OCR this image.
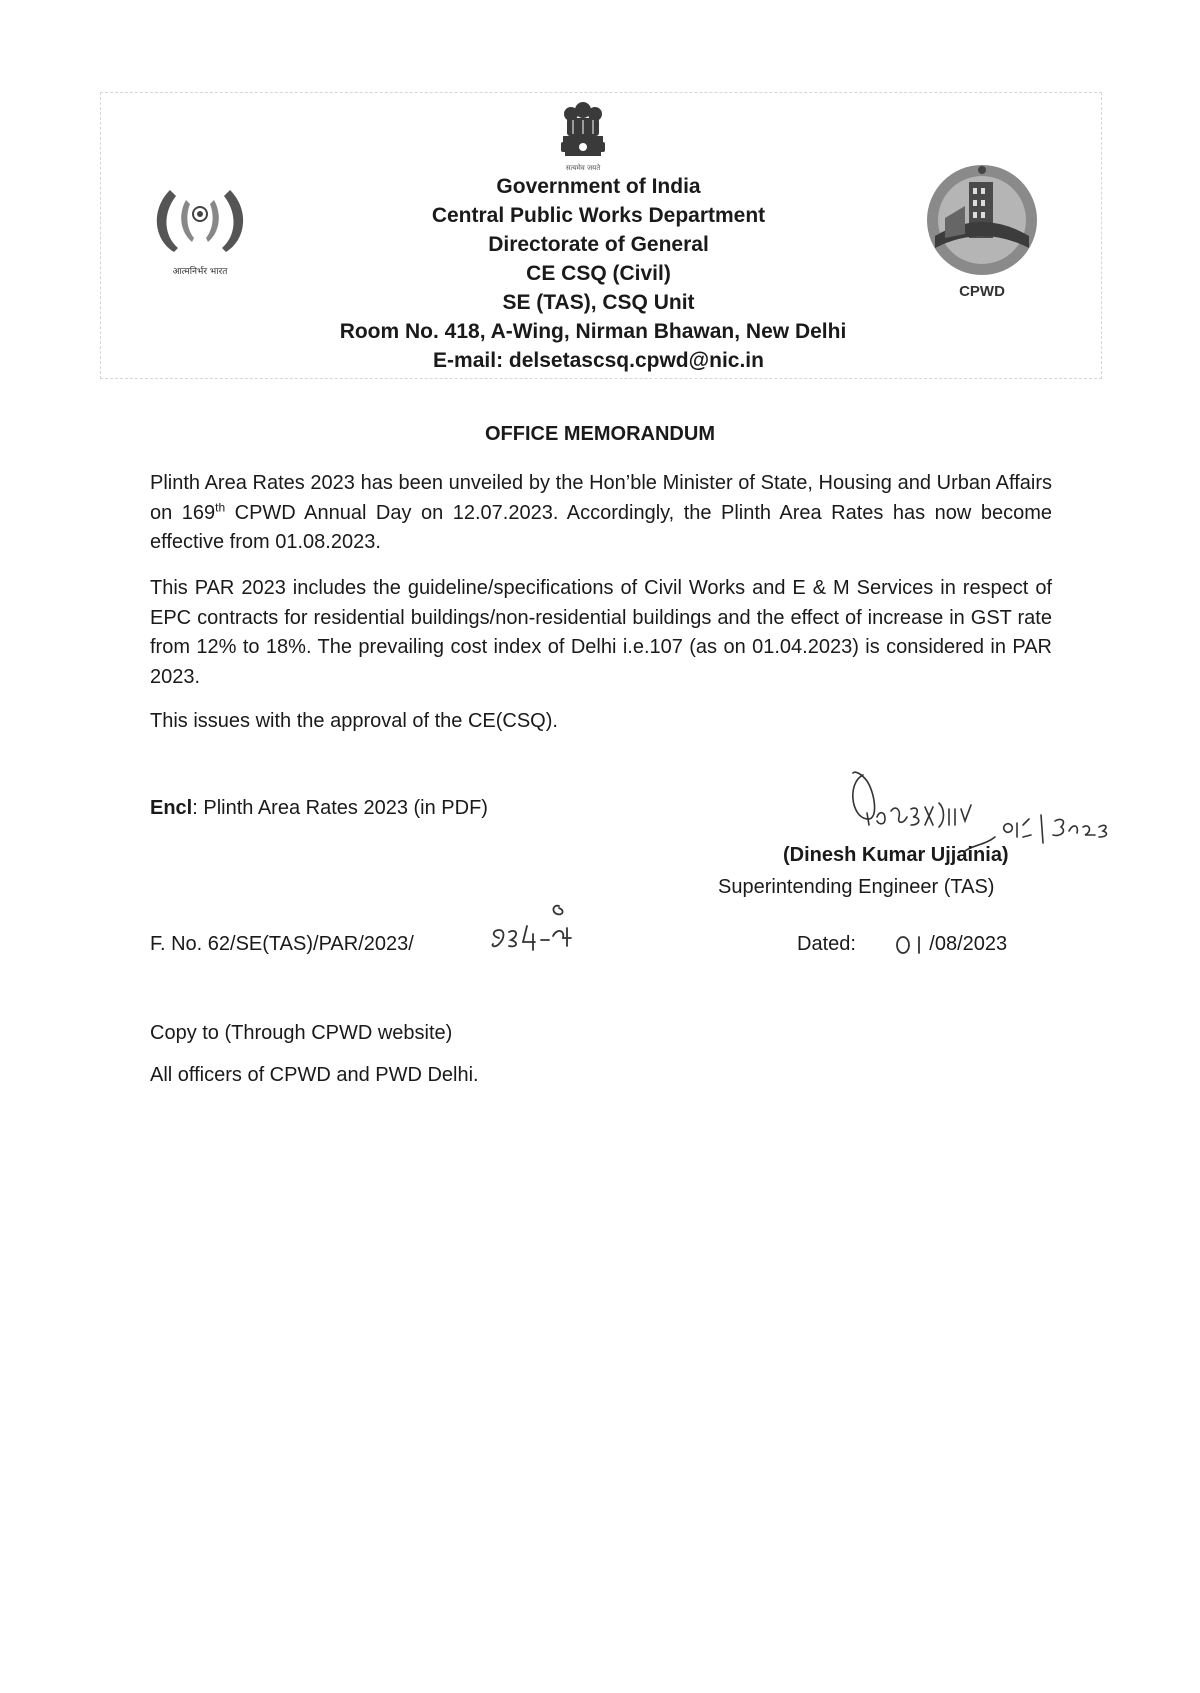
सत्यमेव जयते
आत्मनिर्भर भारत
CPWD
Government of India
Central Public Works Department
Directorate of General
CE CSQ (Civil)
SE (TAS), CSQ Unit
Room No. 418, A-Wing, Nirman Bhawan, New Delhi
E-mail: delsetascsq.cpwd@nic.in
OFFICE MEMORANDUM
Plinth Area Rates 2023 has been unveiled by the Hon’ble Minister of State, Housing and Urban Affairs on 169th CPWD Annual Day on 12.07.2023. Accordingly, the Plinth Area Rates has now become effective from 01.08.2023.
This PAR 2023 includes the guideline/specifications of Civil Works and E & M Services in respect of EPC contracts for residential buildings/non-residential buildings and the effect of increase in GST rate from 12% to 18%. The prevailing cost index of Delhi i.e.107 (as on 01.04.2023) is considered in PAR 2023.
This issues with the approval of the CE(CSQ).
Encl: Plinth Area Rates 2023 (in PDF)
(Dinesh Kumar Ujjainia)
Superintending Engineer (TAS)
F. No. 62/SE(TAS)/PAR/2023/	Dated:	/08/2023
Copy to (Through CPWD website)
All officers of CPWD and PWD Delhi.
